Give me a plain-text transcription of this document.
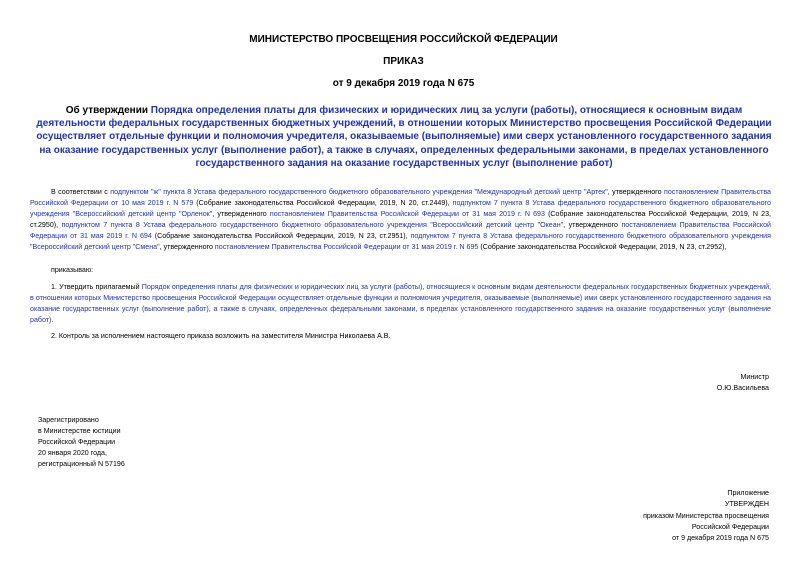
МИНИСТЕРСТВО ПРОСВЕЩЕНИЯ РОССИЙСКОЙ ФЕДЕРАЦИИ
ПРИКАЗ
от 9 декабря 2019 года N 675
Об утверждении Порядка определения платы для физических и юридических лиц за услуги (работы), относящиеся к основным видам деятельности федеральных государственных бюджетных учреждений, в отношении которых Министерство просвещения Российской Федерации осуществляет отдельные функции и полномочия учредителя, оказываемые (выполняемые) ими сверх установленного государственного задания на оказание государственных услуг (выполнение работ), а также в случаях, определенных федеральными законами, в пределах установленного государственного задания на оказание государственных услуг (выполнение работ)
В соответствии с подпунктом "ж" пункта 8 Устава федерального государственного бюджетного образовательного учреждения "Международный детский центр "Артек", утвержденного постановлением Правительства Российской Федерации от 10 мая 2019 г. N 579 (Собрание законодательства Российской Федерации, 2019, N 20, ст.2449), подпунктом 7 пункта 8 Устава федерального государственного бюджетного образовательного учреждения "Всероссийский детский центр "Орленок", утвержденного постановлением Правительства Российской Федерации от 31 мая 2019 г. N 693 (Собрание законодательства Российской Федерации, 2019, N 23, ст.2950), подпунктом 7 пункта 8 Устава федерального государственного бюджетного образовательного учреждения "Всероссийский детский центр "Океан", утвержденного постановлением Правительства Российской Федерации от 31 мая 2019 г. N 694 (Собрание законодательства Российской Федерации, 2019, N 23, ст.2951), подпунктом 7 пункта 8 Устава федерального государственного бюджетного образовательного учреждения "Всероссийский детский центр "Смена", утвержденного постановлением Правительства Российской Федерации от 31 мая 2019 г. N 695 (Собрание законодательства Российской Федерации, 2019, N 23, ст.2952),
приказываю:
1. Утвердить прилагаемый Порядок определения платы для физических и юридических лиц за услуги (работы), относящиеся к основным видам деятельности федеральных государственных бюджетных учреждений, в отношении которых Министерство просвещения Российской Федерации осуществляет отдельные функции и полномочия учредителя, оказываемые (выполняемые) ими сверх установленного государственного задания на оказание государственных услуг (выполнение работ), а также в случаях, определенных федеральными законами, в пределах установленного государственного задания на оказание государственных услуг (выполнение работ).
2. Контроль за исполнением настоящего приказа возложить на заместителя Министра Николаева А.В.
Министр
О.Ю.Васильева
Зарегистрировано
в Министерстве юстиции
Российской Федерации
20 января 2020 года,
регистрационный N 57196
Приложение
УТВЕРЖДЕН
приказом Министерства просвещения
Российской Федерации
от 9 декабря 2019 года N 675
